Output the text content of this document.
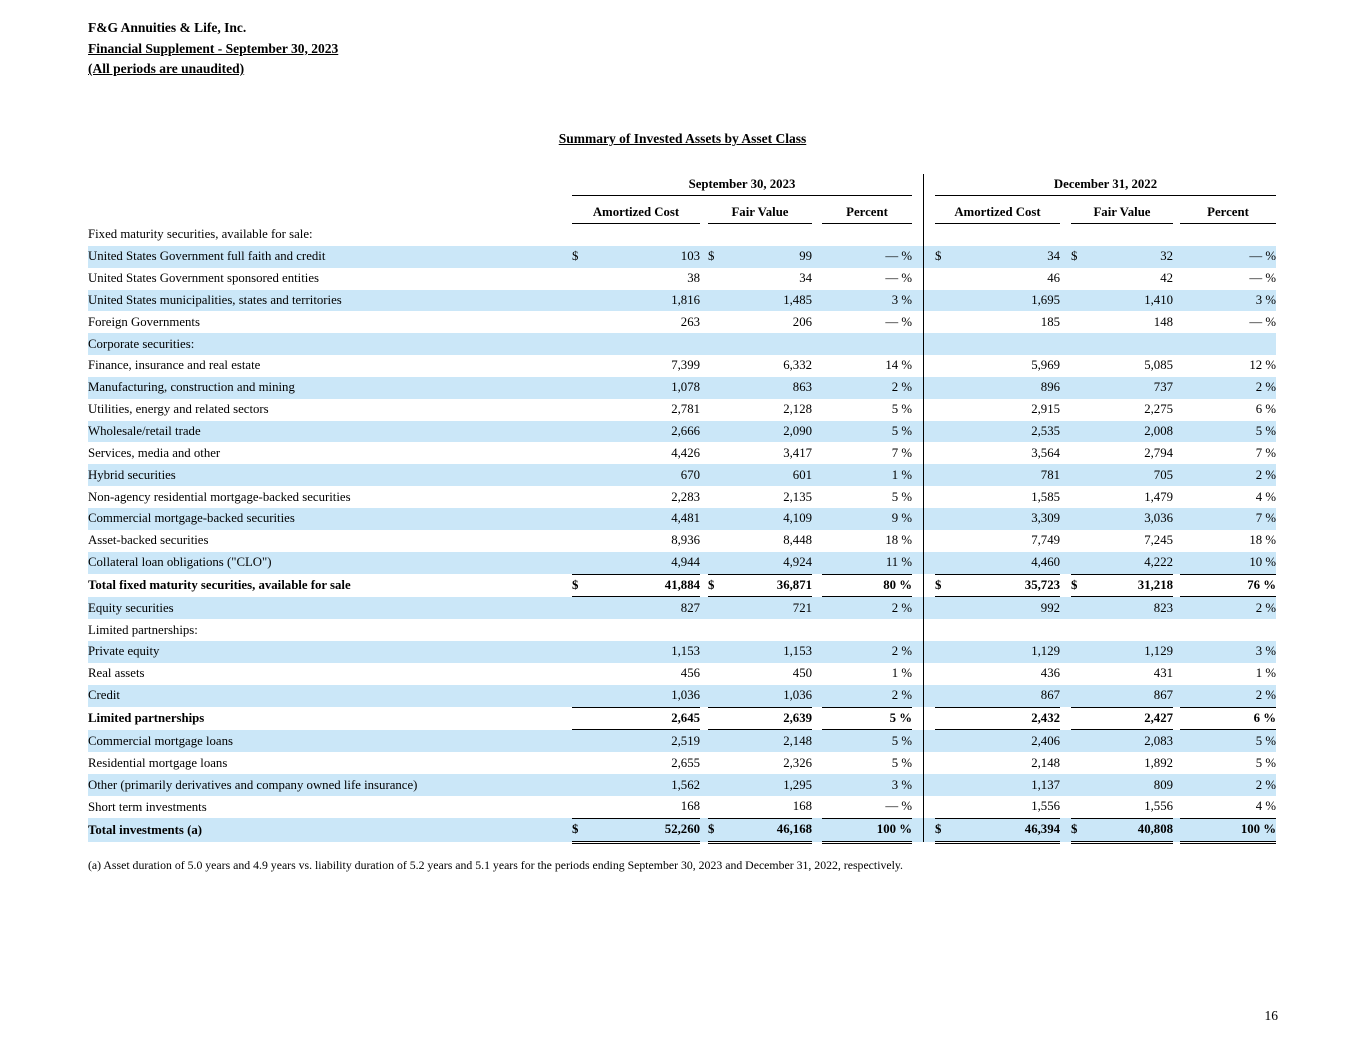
F&G Annuities & Life, Inc.
Financial Supplement - September 30, 2023
(All periods are unaudited)
Summary of Invested Assets by Asset Class
	September 30, 2023									December 31, 2022						
	Amortized Cost			Fair Value			Percent			Amortized Cost			Fair Value			Percent
Fixed maturity securities, available for sale:																
United States Government full faith and credit	$	103		$	99		— %			$	34		$	32		— %
United States Government sponsored entities		38			34		— %				46			42		— %
United States municipalities, states and territories		1,816			1,485		3 %				1,695			1,410		3 %
Foreign Governments		263			206		— %				185			148		— %
Corporate securities:																
Finance, insurance and real estate		7,399			6,332		14 %				5,969			5,085		12 %
Manufacturing, construction and mining		1,078			863		2 %				896			737		2 %
Utilities, energy and related sectors		2,781			2,128		5 %				2,915			2,275		6 %
Wholesale/retail trade		2,666			2,090		5 %				2,535			2,008		5 %
Services, media and other		4,426			3,417		7 %				3,564			2,794		7 %
Hybrid securities		670			601		1 %				781			705		2 %
Non-agency residential mortgage-backed securities		2,283			2,135		5 %				1,585			1,479		4 %
Commercial mortgage-backed securities		4,481			4,109		9 %				3,309			3,036		7 %
Asset-backed securities		8,936			8,448		18 %				7,749			7,245		18 %
Collateral loan obligations ("CLO")		4,944			4,924		11 %				4,460			4,222		10 %
Total fixed maturity securities, available for sale	$	41,884		$	36,871		80 %			$	35,723		$	31,218		76 %
Equity securities		827			721		2 %				992			823		2 %
Limited partnerships:																
Private equity		1,153			1,153		2 %				1,129			1,129		3 %
Real assets		456			450		1 %				436			431		1 %
Credit		1,036			1,036		2 %				867			867		2 %
Limited partnerships		2,645			2,639		5 %				2,432			2,427		6 %
Commercial mortgage loans		2,519			2,148		5 %				2,406			2,083		5 %
Residential mortgage loans		2,655			2,326		5 %				2,148			1,892		5 %
Other (primarily derivatives and company owned life insurance)		1,562			1,295		3 %				1,137			809		2 %
Short term investments		168			168		— %				1,556			1,556		4 %
Total investments (a)	$	52,260		$	46,168		100 %			$	46,394		$	40,808		100 %
(a) Asset duration of 5.0 years and 4.9 years vs. liability duration of 5.2 years and 5.1 years for the periods ending September 30, 2023 and December 31, 2022, respectively.
16
